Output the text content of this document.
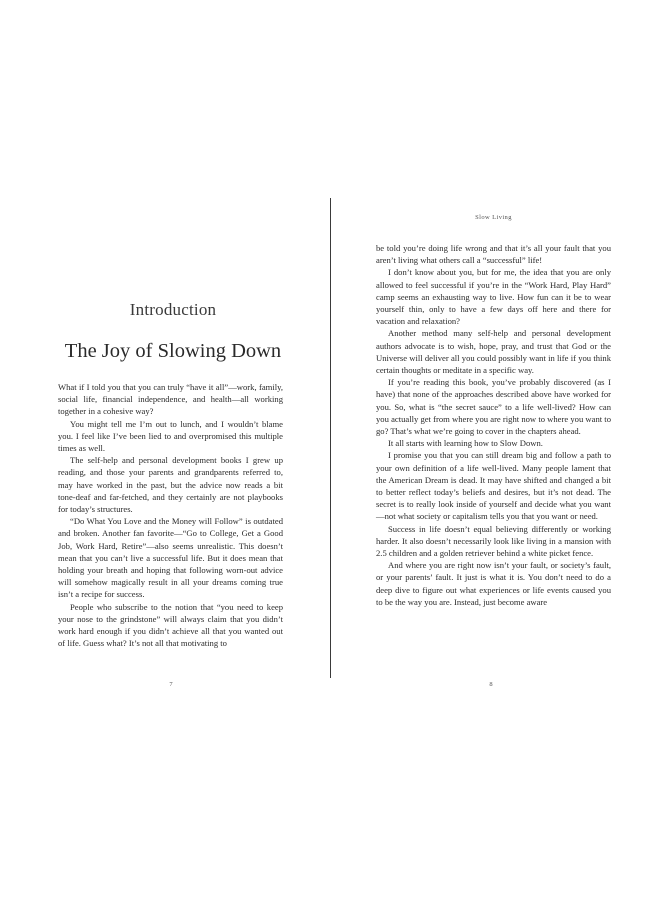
Introduction
The Joy of Slowing Down

What if I told you that you can truly “have it all”—work, family, social life, financial independence, and health—all working together in a cohesive way?

You might tell me I’m out to lunch, and I wouldn’t blame you. I feel like I’ve been lied to and overpromised this multiple times as well.

The self-help and personal development books I grew up reading, and those your parents and grandparents referred to, may have worked in the past, but the advice now reads a bit tone-deaf and far-fetched, and they certainly are not playbooks for today’s structures.

“Do What You Love and the Money will Follow” is outdated and broken. Another fan favorite—“Go to College, Get a Good Job, Work Hard, Retire”—also seems unrealistic. This doesn’t mean that you can’t live a successful life. But it does mean that holding your breath and hoping that following worn-out advice will somehow magically result in all your dreams coming true isn’t a recipe for success.

People who subscribe to the notion that “you need to keep your nose to the grindstone” will always claim that you didn’t work hard enough if you didn’t achieve all that you wanted out of life. Guess what? It’s not all that motivating to

7
Slow Living

be told you’re doing life wrong and that it’s all your fault that you aren’t living what others call a “successful” life!

I don’t know about you, but for me, the idea that you are only allowed to feel successful if you’re in the “Work Hard, Play Hard” camp seems an exhausting way to live. How fun can it be to wear yourself thin, only to have a few days off here and there for vacation and relaxation?

Another method many self-help and personal development authors advocate is to wish, hope, pray, and trust that God or the Universe will deliver all you could possibly want in life if you think certain thoughts or meditate in a specific way.

If you’re reading this book, you’ve probably discovered (as I have) that none of the approaches described above have worked for you. So, what is “the secret sauce” to a life well-lived? How can you actually get from where you are right now to where you want to go? That’s what we’re going to cover in the chapters ahead.

It all starts with learning how to Slow Down.

I promise you that you can still dream big and follow a path to your own definition of a life well-lived. Many people lament that the American Dream is dead. It may have shifted and changed a bit to better reflect today’s beliefs and desires, but it’s not dead. The secret is to really look inside of yourself and decide what you want—not what society or capitalism tells you that you want or need.

Success in life doesn’t equal believing differently or working harder. It also doesn’t necessarily look like living in a mansion with 2.5 children and a golden retriever behind a white picket fence.

And where you are right now isn’t your fault, or society’s fault, or your parents’ fault. It just is what it is. You don’t need to do a deep dive to figure out what experiences or life events caused you to be the way you are. Instead, just become aware

8
